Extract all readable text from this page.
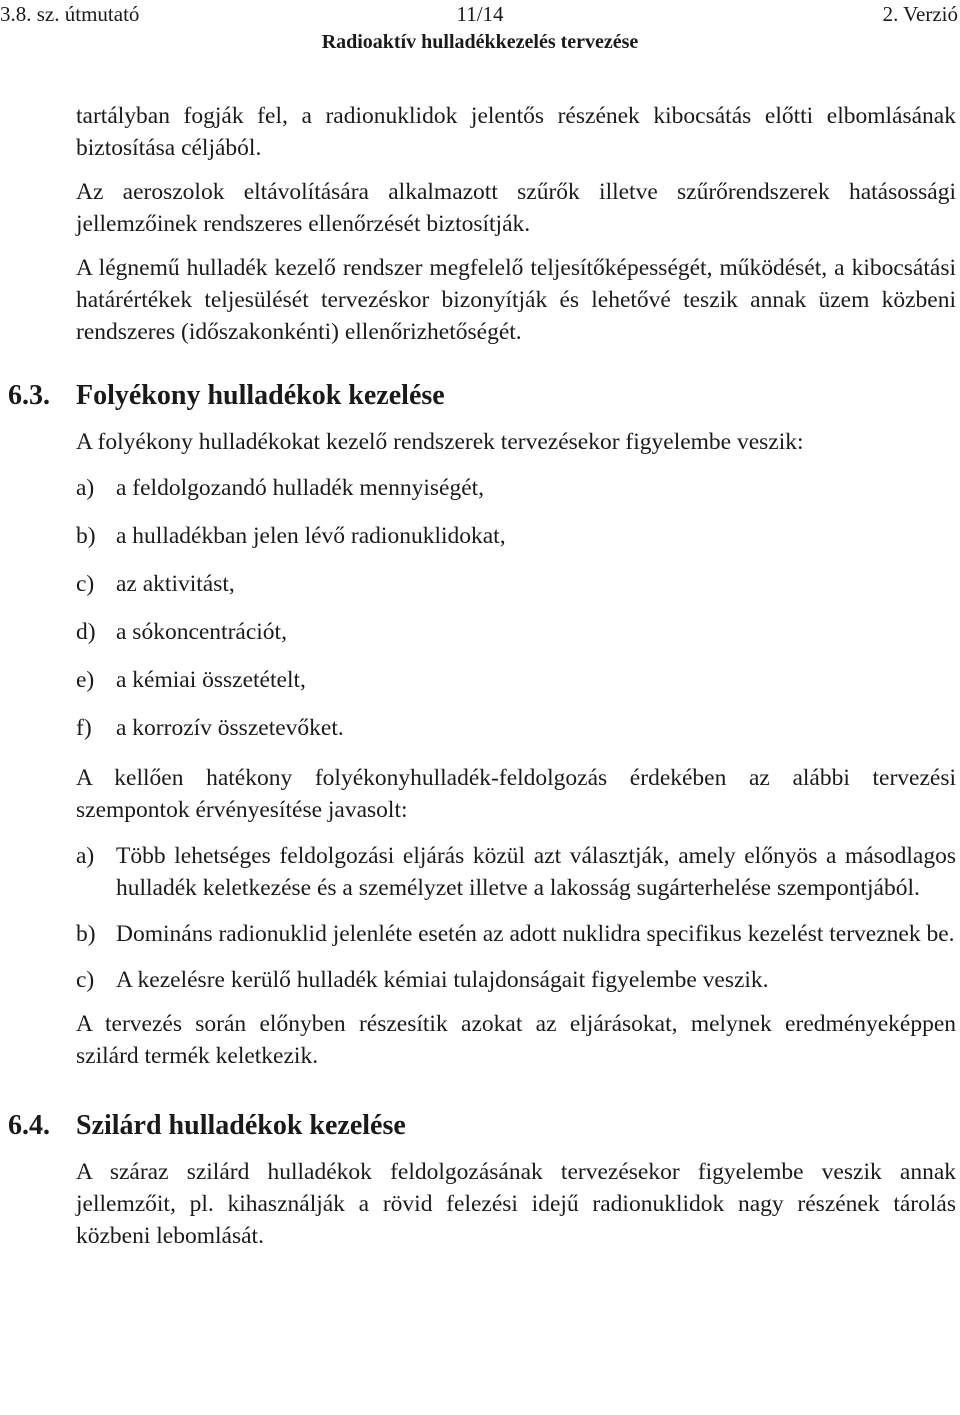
3.8. sz. útmutató	11/14	2. Verzió
Radioaktív hulladékkezelés tervezése

tartályban fogják fel, a radionuklidok jelentős részének kibocsátás előtti elbomlásának biztosítása céljából.

Az aeroszolok eltávolítására alkalmazott szűrők illetve szűrőrendszerek hatásossági jellemzőinek rendszeres ellenőrzését biztosítják.

A légnemű hulladék kezelő rendszer megfelelő teljesítőképességét, működését, a kibocsátási határértékek teljesülését tervezéskor bizonyítják és lehetővé teszik annak üzem közbeni rendszeres (időszakonkénti) ellenőrizhetőségét.

6.3. Folyékony hulladékok kezelése

A folyékony hulladékokat kezelő rendszerek tervezésekor figyelembe veszik:

a) a feldolgozandó hulladék mennyiségét,
b) a hulladékban jelen lévő radionuklidokat,
c) az aktivitást,
d) a sókoncentrációt,
e) a kémiai összetételt,
f) a korrozív összetevőket.

A kellően hatékony folyékonyhulladék-feldolgozás érdekében az alábbi tervezési szempontok érvényesítése javasolt:

a) Több lehetséges feldolgozási eljárás közül azt választják, amely előnyös a másodlagos hulladék keletkezése és a személyzet illetve a lakosság sugárterhelése szempontjából.
b) Domináns radionuklid jelenléte esetén az adott nuklidra specifikus kezelést terveznek be.
c) A kezelésre kerülő hulladék kémiai tulajdonságait figyelembe veszik.

A tervezés során előnyben részesítik azokat az eljárásokat, melynek eredményeképpen szilárd termék keletkezik.

6.4. Szilárd hulladékok kezelése

A száraz szilárd hulladékok feldolgozásának tervezésekor figyelembe veszik annak jellemzőit, pl. kihasználják a rövid felezési idejű radionuklidok nagy részének tárolás közbeni lebomlását.
